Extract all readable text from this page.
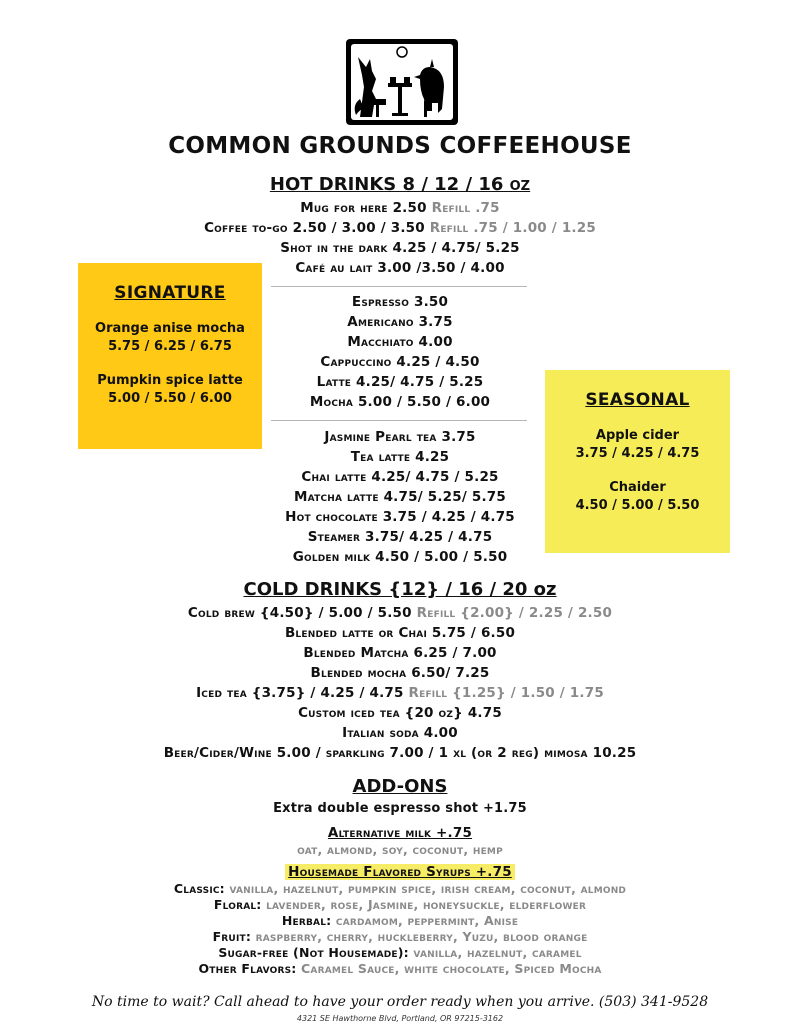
COMMON GROUNDS COFFEEHOUSE
HOT DRINKS 8 / 12 / 16 oz
Mug for here 2.50 Refill .75
Coffee to-go 2.50 / 3.00 / 3.50 Refill .75 / 1.00 / 1.25
Shot in the dark 4.25 / 4.75/ 5.25
Café au lait 3.00 /3.50 / 4.00
Espresso 3.50
Americano 3.75
Macchiato 4.00
Cappuccino 4.25 / 4.50
Latte 4.25/ 4.75 / 5.25
Mocha 5.00 / 5.50 / 6.00
Jasmine Pearl tea 3.75
Tea latte 4.25
Chai latte 4.25/ 4.75 / 5.25
Matcha latte 4.75/ 5.25/ 5.75
Hot chocolate 3.75 / 4.25 / 4.75
Steamer 3.75/ 4.25 / 4.75
Golden milk 4.50 / 5.00 / 5.50
SIGNATURE
Orange anise mocha
5.75 / 6.25 / 6.75
Pumpkin spice latte
5.00 / 5.50 / 6.00	SEASONAL
Apple cider
3.75 / 4.25 / 4.75
Chaider
4.50 / 5.00 / 5.50
COLD DRINKS {12} / 16 / 20 oz
Cold brew {4.50} / 5.00 / 5.50 Refill {2.00} / 2.25 / 2.50
Blended latte or Chai 5.75 / 6.50
Blended Matcha 6.25 / 7.00
Blended mocha 6.50/ 7.25
Iced tea {3.75} / 4.25 / 4.75 Refill {1.25} / 1.50 / 1.75
Custom iced tea {20 oz} 4.75
Italian soda 4.00
Beer/Cider/Wine 5.00 / sparkling 7.00 / 1 xl (or 2 reg) mimosa 10.25
ADD-ONS
Extra double espresso shot +1.75
Alternative milk +.75
oat, almond, soy, coconut, hemp
Housemade Flavored Syrups +.75
Classic: vanilla, hazelnut, pumpkin spice, irish cream, coconut, almond
Floral: lavender, rose, Jasmine, honeysuckle, elderflower
Herbal: cardamom, peppermint, Anise
Fruit: raspberry, cherry, huckleberry, Yuzu, blood orange
Sugar-free (Not Housemade): vanilla, hazelnut, caramel
Other Flavors: Caramel Sauce, white chocolate, Spiced Mocha
No time to wait? Call ahead to have your order ready when you arrive. (503) 341-9528
4321 SE Hawthorne Blvd, Portland, OR 97215-3162
